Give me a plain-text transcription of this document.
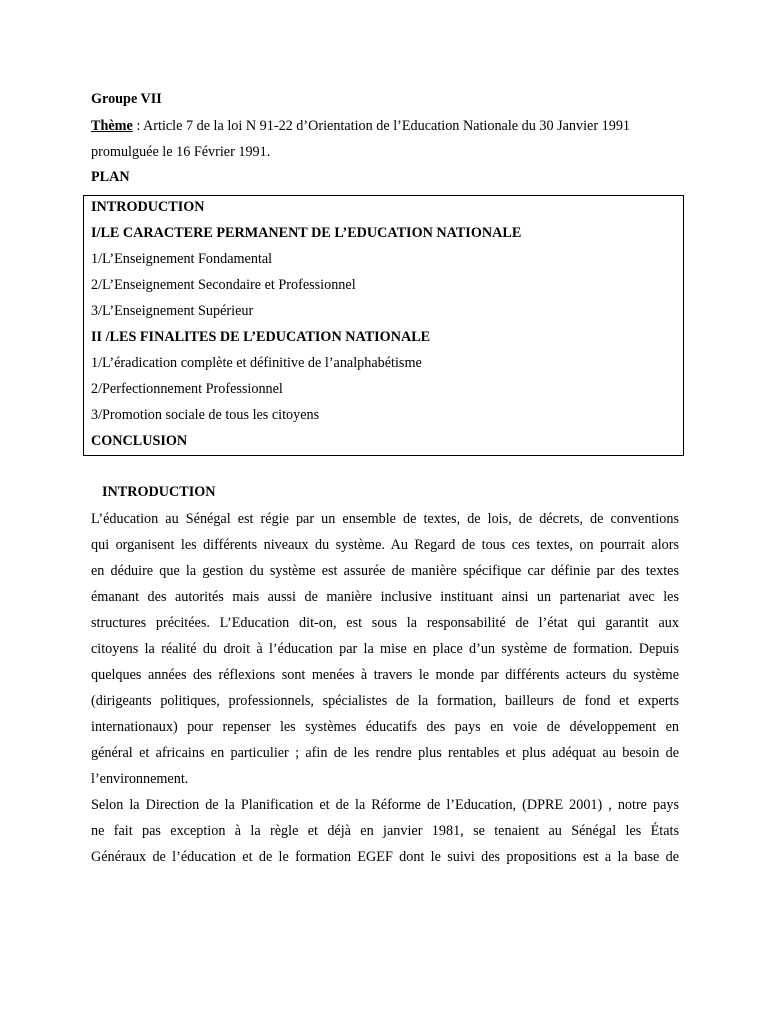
Groupe VII
Thème : Article 7 de la loi N 91-22 d’Orientation de l’Education Nationale du 30 Janvier 1991
promulguée le 16 Février 1991.
PLAN
INTRODUCTION
I/LE CARACTERE PERMANENT DE L’EDUCATION NATIONALE
1/L’Enseignement Fondamental
2/L’Enseignement Secondaire et Professionnel
3/L’Enseignement Supérieur
II /LES FINALITES DE L’EDUCATION NATIONALE
1/L’éradication complète et définitive de l’analphabétisme
2/Perfectionnement Professionnel
3/Promotion sociale de tous les citoyens
CONCLUSION
INTRODUCTION
L’éducation au Sénégal est régie par un ensemble de textes, de lois, de décrets, de conventions
qui organisent les différents niveaux du système. Au Regard de tous ces textes, on pourrait alors
en déduire que la gestion du système est assurée de manière spécifique car définie par des textes
émanant des autorités mais aussi de manière inclusive instituant ainsi un partenariat avec les
structures précitées. L’Education dit-on, est sous la responsabilité de l’état qui garantit aux
citoyens la réalité du droit à l’éducation par la mise en place d’un système de formation. Depuis
quelques années des réflexions sont menées à travers le monde par différents acteurs du système
(dirigeants politiques, professionnels, spécialistes de la formation, bailleurs de fond et experts
internationaux) pour repenser les systèmes éducatifs des pays en voie de développement en
général et africains en particulier ; afin de les rendre plus rentables et plus adéquat au besoin de
l’environnement.
Selon la Direction de la Planification et de la Réforme de l’Education, (DPRE 2001) , notre pays
ne fait pas exception à la règle et déjà en janvier 1981, se tenaient au Sénégal les États
Généraux de l’éducation et de le formation EGEF dont le suivi des propositions est a la base de
